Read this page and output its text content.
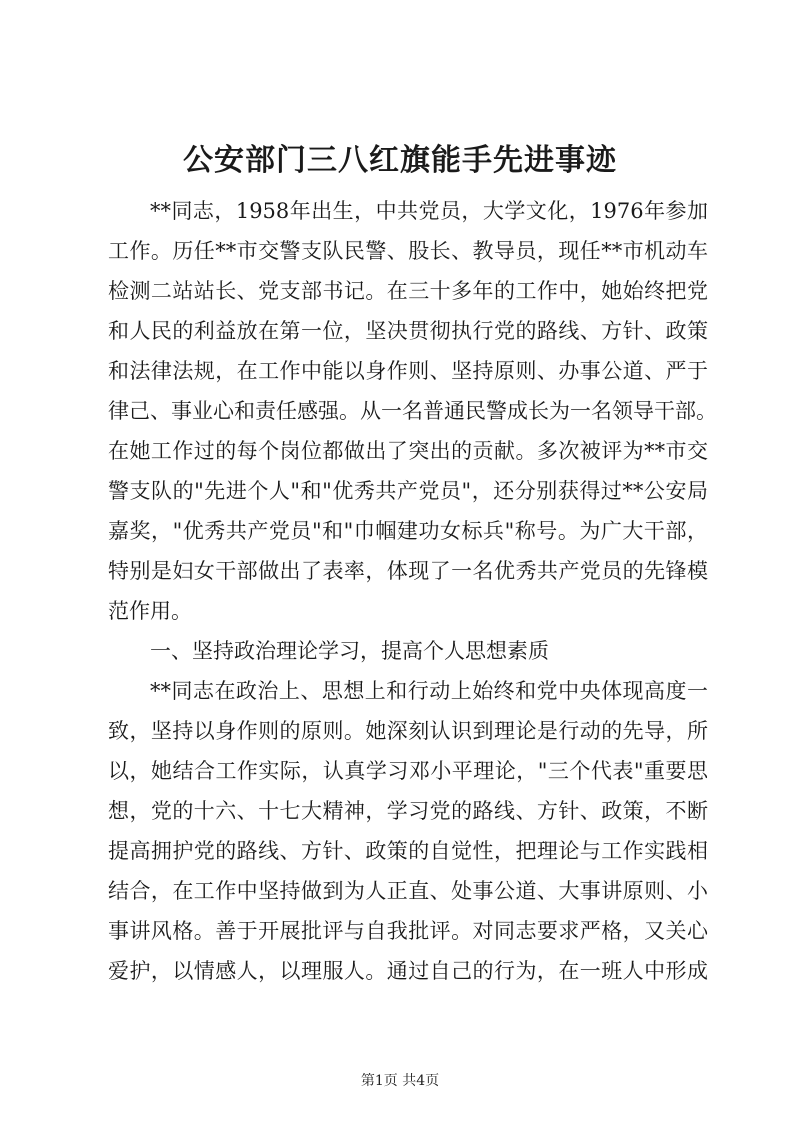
公安部门三八红旗能手先进事迹
**同志，1958年出生，中共党员，大学文化，1976年参加
工作。历任**市交警支队民警、股长、教导员，现任**市机动车
检测二站站长、党支部书记。在三十多年的工作中，她始终把党
和人民的利益放在第一位，坚决贯彻执行党的路线、方针、政策
和法律法规，在工作中能以身作则、坚持原则、办事公道、严于
律己、事业心和责任感强。从一名普通民警成长为一名领导干部。
在她工作过的每个岗位都做出了突出的贡献。多次被评为**市交
警支队的"先进个人"和"优秀共产党员"，还分别获得过**公安局
嘉奖，"优秀共产党员"和"巾帼建功女标兵"称号。为广大干部，
特别是妇女干部做出了表率，体现了一名优秀共产党员的先锋模
范作用。
一、坚持政治理论学习，提高个人思想素质
**同志在政治上、思想上和行动上始终和党中央体现高度一
致，坚持以身作则的原则。她深刻认识到理论是行动的先导，所
以，她结合工作实际，认真学习邓小平理论，"三个代表"重要思
想，党的十六、十七大精神，学习党的路线、方针、政策，不断
提高拥护党的路线、方针、政策的自觉性，把理论与工作实践相
结合，在工作中坚持做到为人正直、处事公道、大事讲原则、小
事讲风格。善于开展批评与自我批评。对同志要求严格，又关心
爱护，以情感人，以理服人。通过自己的行为，在一班人中形成
第1页 共4页
